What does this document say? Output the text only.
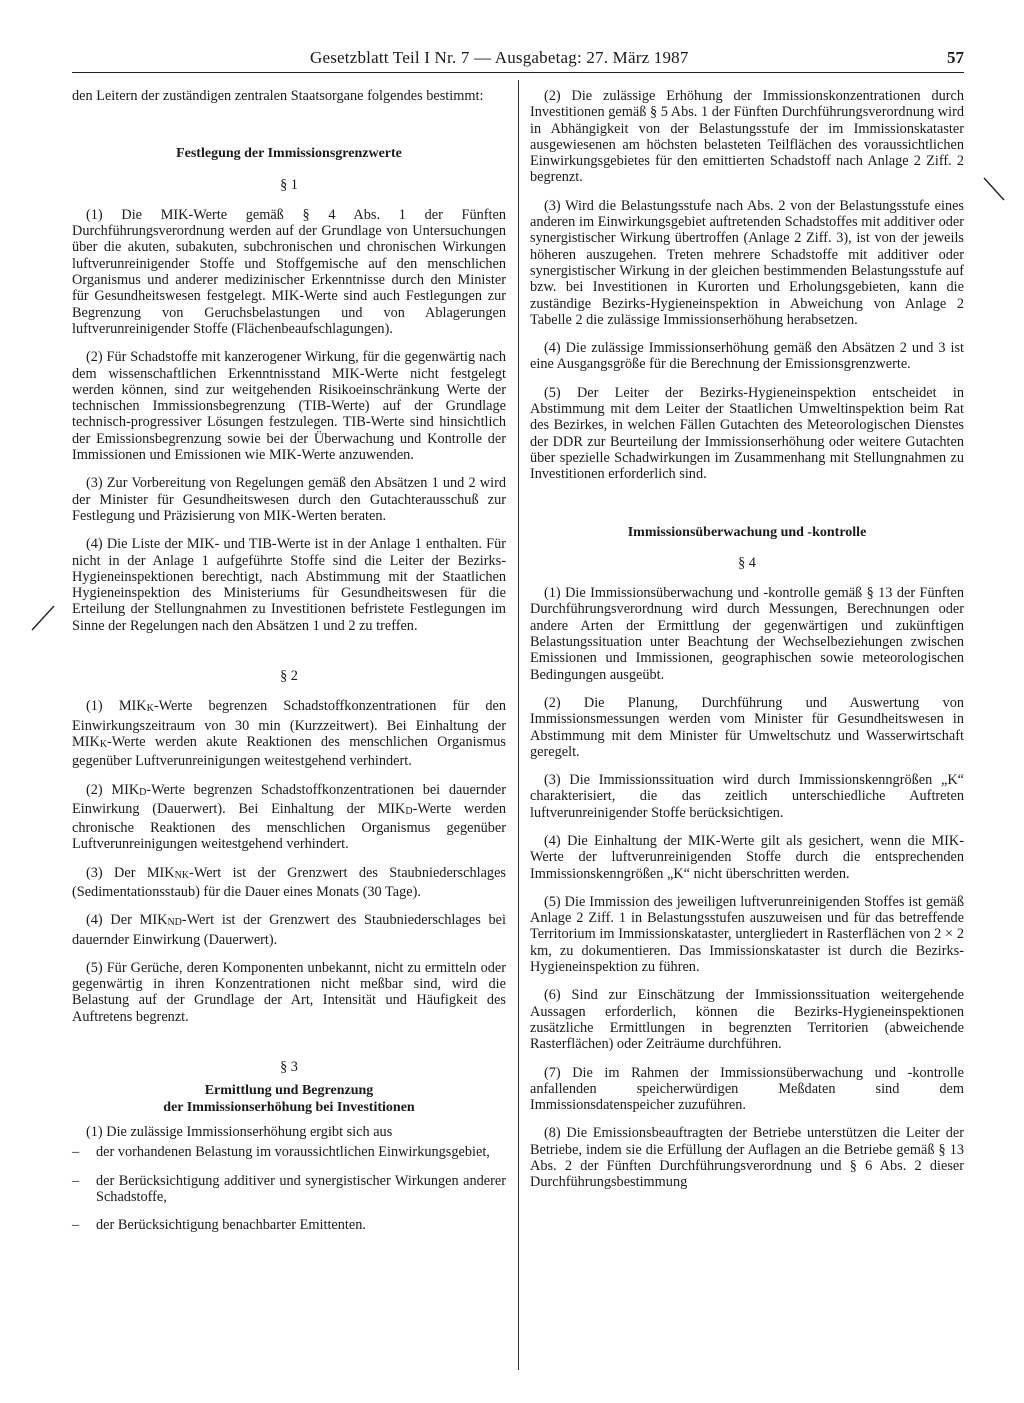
Gesetzblatt Teil I Nr. 7 — Ausgabetag: 27. März 1987	57

den Leitern der zuständigen zentralen Staatsorgane folgendes bestimmt:

Festlegung der Immissionsgrenzwerte
§ 1

(1) Die MIK-Werte gemäß § 4 Abs. 1 der Fünften Durchführungsverordnung werden auf der Grundlage von Untersuchungen über die akuten, subakuten, subchronischen und chronischen Wirkungen luftverunreinigender Stoffe und Stoffgemische auf den menschlichen Organismus und anderer medizinischer Erkenntnisse durch den Minister für Gesundheitswesen festgelegt. MIK-Werte sind auch Festlegungen zur Begrenzung von Geruchsbelastungen und von Ablagerungen luftverunreinigender Stoffe (Flächenbeaufschlagungen).

(2) Für Schadstoffe mit kanzerogener Wirkung, für die gegenwärtig nach dem wissenschaftlichen Erkenntnisstand MIK-Werte nicht festgelegt werden können, sind zur weitgehenden Risikoeinschränkung Werte der technischen Immissionsbegrenzung (TIB-Werte) auf der Grundlage technisch-progressiver Lösungen festzulegen. TIB-Werte sind hinsichtlich der Emissionsbegrenzung sowie bei der Überwachung und Kontrolle der Immissionen und Emissionen wie MIK-Werte anzuwenden.

(3) Zur Vorbereitung von Regelungen gemäß den Absätzen 1 und 2 wird der Minister für Gesundheitswesen durch den Gutachterausschuß zur Festlegung und Präzisierung von MIK-Werten beraten.

(4) Die Liste der MIK- und TIB-Werte ist in der Anlage 1 enthalten. Für nicht in der Anlage 1 aufgeführte Stoffe sind die Leiter der Bezirks-Hygieneinspektionen berechtigt, nach Abstimmung mit der Staatlichen Hygieneinspektion des Ministeriums für Gesundheitswesen für die Erteilung der Stellungnahmen zu Investitionen befristete Festlegungen im Sinne der Regelungen nach den Absätzen 1 und 2 zu treffen.

§ 2

(1) MIKK-Werte begrenzen Schadstoffkonzentrationen für den Einwirkungszeitraum von 30 min (Kurzzeitwert). Bei Einhaltung der MIKK-Werte werden akute Reaktionen des menschlichen Organismus gegenüber Luftverunreinigungen weitestgehend verhindert.

(2) MIKD-Werte begrenzen Schadstoffkonzentrationen bei dauernder Einwirkung (Dauerwert). Bei Einhaltung der MIKD-Werte werden chronische Reaktionen des menschlichen Organismus gegenüber Luftverunreinigungen weitestgehend verhindert.

(3) Der MIKNK-Wert ist der Grenzwert des Staubniederschlages (Sedimentationsstaub) für die Dauer eines Monats (30 Tage).

(4) Der MIKND-Wert ist der Grenzwert des Staubniederschlages bei dauernder Einwirkung (Dauerwert).

(5) Für Gerüche, deren Komponenten unbekannt, nicht zu ermitteln oder gegenwärtig in ihren Konzentrationen nicht meßbar sind, wird die Belastung auf der Grundlage der Art, Intensität und Häufigkeit des Auftretens begrenzt.

§ 3
Ermittlung und Begrenzung
der Immissionserhöhung bei Investitionen

(1) Die zulässige Immissionserhöhung ergibt sich aus

– der vorhandenen Belastung im voraussichtlichen Einwirkungsgebiet,

– der Berücksichtigung additiver und synergistischer Wirkungen anderer Schadstoffe,

– der Berücksichtigung benachbarter Emittenten.

(2) Die zulässige Erhöhung der Immissionskonzentrationen durch Investitionen gemäß § 5 Abs. 1 der Fünften Durchführungsverordnung wird in Abhängigkeit von der Belastungsstufe der im Immissionskataster ausgewiesenen am höchsten belasteten Teilflächen des voraussichtlichen Einwirkungsgebietes für den emittierten Schadstoff nach Anlage 2 Ziff. 2 begrenzt.

(3) Wird die Belastungsstufe nach Abs. 2 von der Belastungsstufe eines anderen im Einwirkungsgebiet auftretenden Schadstoffes mit additiver oder synergistischer Wirkung übertroffen (Anlage 2 Ziff. 3), ist von der jeweils höheren auszugehen. Treten mehrere Schadstoffe mit additiver oder synergistischer Wirkung in der gleichen bestimmenden Belastungsstufe auf bzw. bei Investitionen in Kurorten und Erholungsgebieten, kann die zuständige Bezirks-Hygieneinspektion in Abweichung von Anlage 2 Tabelle 2 die zulässige Immissionserhöhung herabsetzen.

(4) Die zulässige Immissionserhöhung gemäß den Absätzen 2 und 3 ist eine Ausgangsgröße für die Berechnung der Emissionsgrenzwerte.

(5) Der Leiter der Bezirks-Hygieneinspektion entscheidet in Abstimmung mit dem Leiter der Staatlichen Umweltinspektion beim Rat des Bezirkes, in welchen Fällen Gutachten des Meteorologischen Dienstes der DDR zur Beurteilung der Immissionserhöhung oder weitere Gutachten über spezielle Schadwirkungen im Zusammenhang mit Stellungnahmen zu Investitionen erforderlich sind.

Immissionsüberwachung und -kontrolle
§ 4

(1) Die Immissionsüberwachung und -kontrolle gemäß § 13 der Fünften Durchführungsverordnung wird durch Messungen, Berechnungen oder andere Arten der Ermittlung der gegenwärtigen und zukünftigen Belastungssituation unter Beachtung der Wechselbeziehungen zwischen Emissionen und Immissionen, geographischen sowie meteorologischen Bedingungen ausgeübt.

(2) Die Planung, Durchführung und Auswertung von Immissionsmessungen werden vom Minister für Gesundheitswesen in Abstimmung mit dem Minister für Umweltschutz und Wasserwirtschaft geregelt.

(3) Die Immissionssituation wird durch Immissionskenngrößen „K“ charakterisiert, die das zeitlich unterschiedliche Auftreten luftverunreinigender Stoffe berücksichtigen.

(4) Die Einhaltung der MIK-Werte gilt als gesichert, wenn die MIK-Werte der luftverunreinigenden Stoffe durch die entsprechenden Immissionskenngrößen „K“ nicht überschritten werden.

(5) Die Immission des jeweiligen luftverunreinigenden Stoffes ist gemäß Anlage 2 Ziff. 1 in Belastungsstufen auszuweisen und für das betreffende Territorium im Immissionskataster, untergliedert in Rasterflächen von 2 × 2 km, zu dokumentieren. Das Immissionskataster ist durch die Bezirks-Hygieneinspektion zu führen.

(6) Sind zur Einschätzung der Immissionssituation weitergehende Aussagen erforderlich, können die Bezirks-Hygieneinspektionen zusätzliche Ermittlungen in begrenzten Territorien (abweichende Rasterflächen) oder Zeiträume durchführen.

(7) Die im Rahmen der Immissionsüberwachung und -kontrolle anfallenden speicherwürdigen Meßdaten sind dem Immissionsdatenspeicher zuzuführen.

(8) Die Emissionsbeauftragten der Betriebe unterstützen die Leiter der Betriebe, indem sie die Erfüllung der Auflagen an die Betriebe gemäß § 13 Abs. 2 der Fünften Durchführungsverordnung und § 6 Abs. 2 dieser Durchführungsbestimmung
